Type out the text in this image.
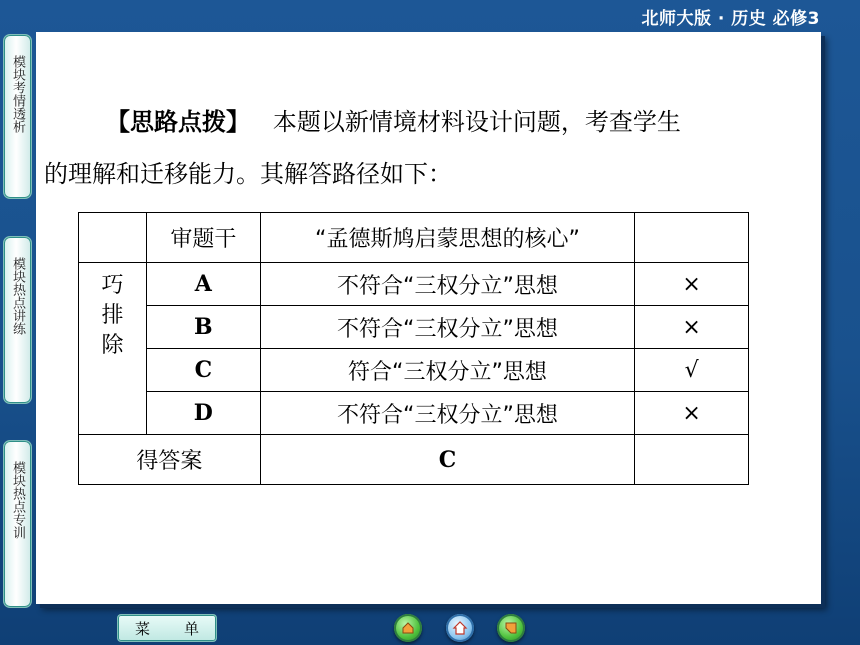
北师大版 · 历史 必修3
模块考情透析
模块热点讲练
模块热点专训
【思路点拨】 本题以新情境材料设计问题，考查学生
的理解和迁移能力。其解答路径如下：
	审题干	“孟德斯鸠启蒙思想的核心”	
巧排除	A	不符合“三权分立”思想	×
	B	不符合“三权分立”思想	×
	C	符合“三权分立”思想	√
	D	不符合“三权分立”思想	×
得答案		C	
菜 单
